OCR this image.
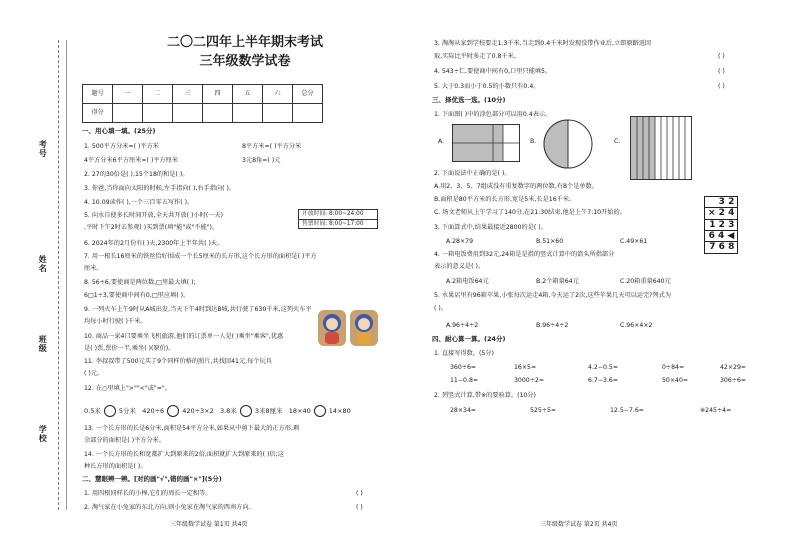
考号
姓名
班级
学校
二〇二四年上半年期末考试
三年级数学试卷
题号	一	二	三	四	五	六	总分
得分							
一、用心填一填。(25分)
1. 500平方分米=( )平方米	8平方米=( )平方分米
4平方分米6平方厘米=( )平方厘米	3元8角=( )元
2. 27的30倍是( ),15个18的和是( )。
3. 你爸,当你面向太阳的时候,左手指向( ),右手指向( )。
4. 10.09读作( ),一个三百零五写作( )。
5. 向水自使多长时间开放,全天共开放( )小时(一天)
,平时下午2时去参观( )买到票(填"能"或"不能")。
开放时间: 8:00~24:00
售票时间: 8:00~17:00
6. 2024年的2月份有( )天,2300年上半年共( )天。
7. 用一根长16厘米的铁丝恰好围成一个长5厘米的长方形,这个长方形的面积是( )平方
厘米。
8. 56÷6,要使商是两位数,□里最大填( );
6□1÷3,要使商中间有0,□里应填( )。
9. 一列火车上午9时从A城出发,当天下午4时到达B城,共行驶了630千米,这列火车平
均每小时行驶( )千米。
10. 商品一家4口要乘坐飞机旅游,他们的订票单一人是( )乘坐"乘客",优惠
是( )票,票价一半,乘坐( )(原价)。
11. 李叔叔带了500元买了9个同样价格的照片,共找回41元,每个玩具
( )元。
12. 在○里填上">""<"或"="。
0.5米	5分米 420÷6	420÷3×2 3.8米	3米8厘米 18×40	14×80
13. 一个长方形的长是6分米,面积是54平方分米,如果从中剪下最大的正方形,剩
余部分的面积是( )平方分米。
14. 一个长方形的长和宽都扩大到原来的2倍,面积就扩大到原来的( )倍;这
种长方形的面积是( )。
二、慧眼辨一辨。[对的画"√",错的画"×"](5分)
1. 用四根同样长的小棒,它们的周长一定相等。	( )
2. 淘气家在小兔家的东北方向,则小兔家在淘气家的西南方向。	( )
三年级数学试卷 第1页 共4页
3. 淘淘从家到学校要走1.3千米,当走到0.4千米时发现没带作业后,立即原路返回
取,实际比平时多走了0.8千米。	( )
4. 543÷仁,要使商中间有0,口里只能填5。	( )
5. 大于0.3而小于0.5的小数只有0.4。	( )
三、择优选一选。(10分)
1. 下面图( )中的涂色部分可以用0.4表示。
A.	B.	C.
2. 下面说法中正确的是( )。
A.用2、3、5、7组成没有重复数字的两位数,有8个是单数。
B.面积是80平方米的长方形,宽是5米,长是16千米。
C. 场文老师从上午学习了140分,在21:30结束,他是上午7:10开始的。
3. 下面算式中,结果最接近2800的是( )。
A.28×79	B.51×60	C.49×61
4. 一箱电饭费用到32元,24箱是是指的竖式计算中的箭头所指部分
表示的意义是( )。
A.2箱电饭64元	B.2个箱量64元	C.20箱重量640元
3 2
× 2 4
1 2 3
6 4 ◀
7 6 8
5. 水果店里有96箱苹果,小张每次运走4箱,今天运了2次,这些苹果几天可以运完?列式为
( )。
A.96÷4÷2	B.96÷4÷2	C.96×4×2
四、耐心算一算。(24分)
1. 直接写得数。(5分)
360÷6=	16×5=	4.2−0.5=	0÷84=	42×29≈
11−0.8=	3000÷2=	6.7−3.6=	50×40=	306÷6≈
2. 列竖式计算,带※的要验算。(10分)
28×34=	525÷5=	12.5−7.6=	※245÷4=
三年级数学试卷 第2页 共4页
